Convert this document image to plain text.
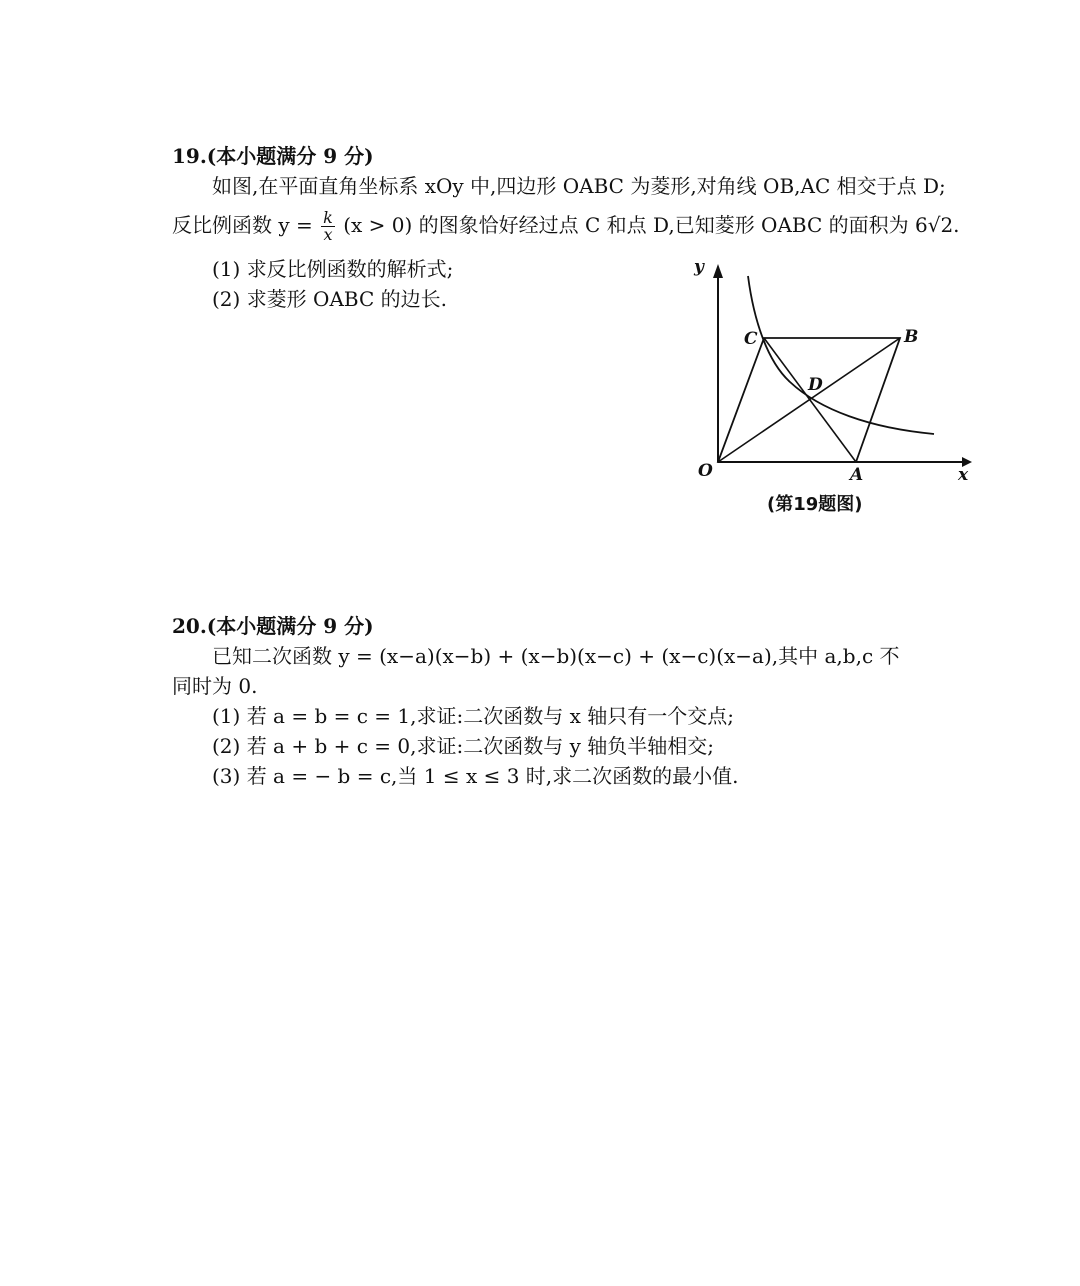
19.(本小题满分 9 分)
如图,在平面直角坐标系 xOy 中,四边形 OABC 为菱形,对角线 OB,AC 相交于点 D;
反比例函数 $y = \frac{k}{x} (x > 0)$ 的图象恰好经过点 C 和点 D,已知菱形 OABC 的面积为 6√2.
(1) 求反比例函数的解析式;
(2) 求菱形 OABC 的边长.
y
x
O	A
B
C
D
(第19题图)
20.(本小题满分 9 分)
已知二次函数 y = (x−a)(x−b) + (x−b)(x−c) + (x−c)(x−a),其中 a,b,c 不
同时为 0.
(1) 若 a = b = c = 1,求证:二次函数与 x 轴只有一个交点;
(2) 若 a + b + c = 0,求证:二次函数与 y 轴负半轴相交;
(3) 若 a = − b = c,当 1 ≤ x ≤ 3 时,求二次函数的最小值.
